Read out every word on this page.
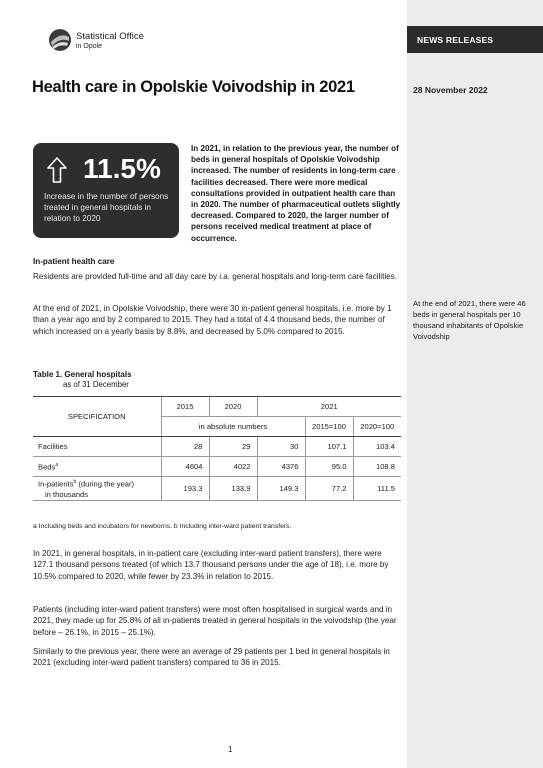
NEWS RELEASES
Statistical Office
in Opole
Health care in Opolskie Voivodship in 2021	28 November 2022
11.5%
Increase in the number of persons treated in general hospitals in relation to 2020
In 2021, in relation to the previous year, the number of beds in general hospitals of Opolskie Voivodship increased. The number of residents in long-term care facilities decreased. There were more medical consultations provided in outpatient health care than in 2020. The number of pharmaceutical outlets slightly decreased. Compared to 2020, the larger number of persons received medical treatment at place of occurrence.
In-patient health care

Residents are provided full-time and all day care by i.a. general hospitals and long-term care facilities.

At the end of 2021, in Opolskie Voivodship, there were 30 in-patient general hospitals, i.e. more by 1 than a year ago and by 2 compared to 2015. They had a total of 4.4 thousand beds, the number of which increased on a yearly basis by 8.8%, and decreased by 5.0% compared to 2015.

At the end of 2021, there were 46 beds in general hospitals per 10 thousand inhabitants of Opolskie Voivodship
Table 1. General hospitals
as of 31 December
SPECIFICATION	2015	2020	2021		
	in absolute numbers			2015=100	2020=100
Facilities	28	29	30	107.1	103.4
Beds$^a$	4604	4022	4376	95.0	108.8
In-patients$^b$ (during the year)
in thousands	193.3	133.9	149.3	77.2	111.5
a Including beds and incubators for newborns. b Including inter-ward patient transfers.

In 2021, in general hospitals, in in-patient care (excluding inter-ward patient transfers), there were 127.1 thousand persons treated (of which 13.7 thousand persons under the age of 18), i.e. more by 10.5% compared to 2020, while fewer by 23.3% in relation to 2015.

Patients (including inter-ward patient transfers) were most often hospitalised in surgical wards and in 2021, they made up for 25.8% of all in-patients treated in general hospitals in the voivodship (the year before – 26.1%, in 2015 – 25.1%).

Similarly to the previous year, there were an average of 29 patients per 1 bed in general hospitals in 2021 (excluding inter-ward patient transfers) compared to 36 in 2015.

1
